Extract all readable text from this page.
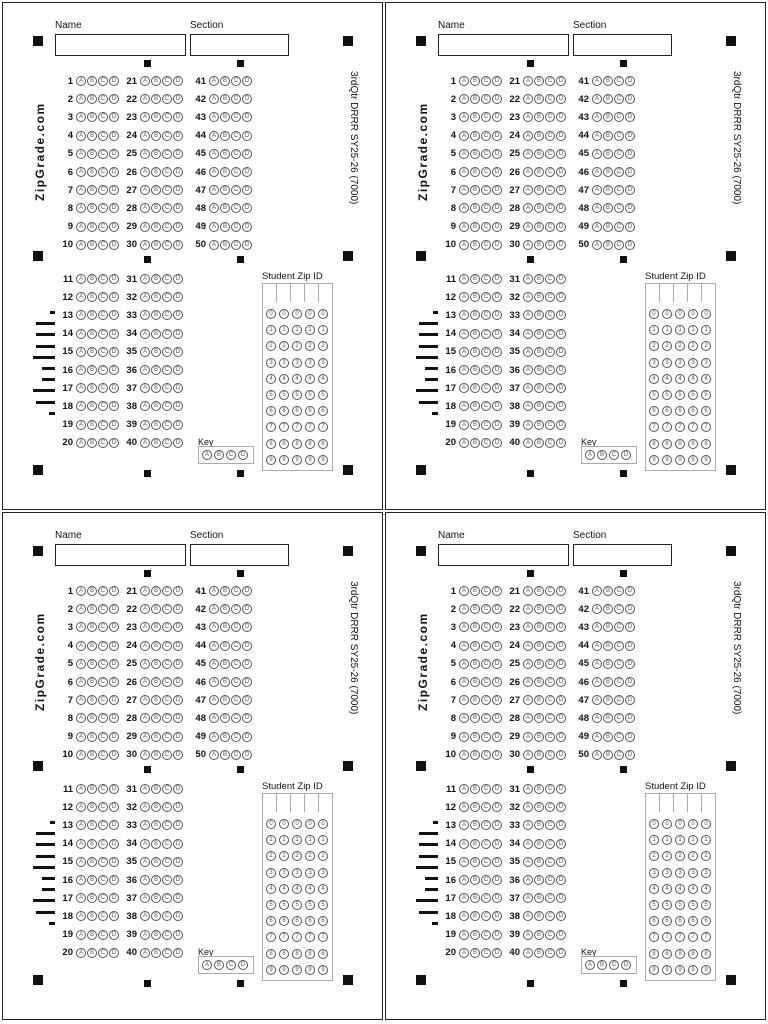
Name	Section
ZipGrade.com	3rdQtr DRRR SY25-26 (7000)
1 A	B	C	D
2 A	B	C	D
3 A	B	C	D
4 A	B	C	D
5 A	B	C	D
6 A	B	C	D
7 A	B	C	D
8 A	B	C	D
9 A	B	C	D
10 A	B	C	D
21 A	B	C	D
22 A	B	C	D
23 A	B	C	D
24 A	B	C	D
25 A	B	C	D
26 A	B	C	D
27 A	B	C	D
28 A	B	C	D
29 A	B	C	D
30 A	B	C	D
41 A	B	C	D
42 A	B	C	D
43 A	B	C	D
44 A	B	C	D
45 A	B	C	D
46 A	B	C	D
47 A	B	C	D
48 A	B	C	D
49 A	B	C	D
50 A	B	C	D
11 A	B	C	D
12 A	B	C	D
13 A	B	C	D
14 A	B	C	D
15 A	B	C	D
16 A	B	C	D
17 A	B	C	D
18 A	B	C	D
19 A	B	C	D
20 A	B	C	D
31 A	B	C	D
32 A	B	C	D
33 A	B	C	D
34 A	B	C	D
35 A	B	C	D
36 A	B	C	D
37 A	B	C	D
38 A	B	C	D
39 A	B	C	D
40 A	B	C	D
Student Zip ID
0	0	0	0	0
1	1	1	1	1
2	2	2	2	2
3	3	3	3	3
4	4	4	4	4
5	5	5	5	5
6	6	6	6	6
7	7	7	7	7
8	8	8	8	8
9	9	9	9	9
Key
A	B	C	D
Name	Section
ZipGrade.com	3rdQtr DRRR SY25-26 (7000)
1 A	B	C	D
2 A	B	C	D
3 A	B	C	D
4 A	B	C	D
5 A	B	C	D
6 A	B	C	D
7 A	B	C	D
8 A	B	C	D
9 A	B	C	D
10 A	B	C	D
21 A	B	C	D
22 A	B	C	D
23 A	B	C	D
24 A	B	C	D
25 A	B	C	D
26 A	B	C	D
27 A	B	C	D
28 A	B	C	D
29 A	B	C	D
30 A	B	C	D
41 A	B	C	D
42 A	B	C	D
43 A	B	C	D
44 A	B	C	D
45 A	B	C	D
46 A	B	C	D
47 A	B	C	D
48 A	B	C	D
49 A	B	C	D
50 A	B	C	D
11 A	B	C	D
12 A	B	C	D
13 A	B	C	D
14 A	B	C	D
15 A	B	C	D
16 A	B	C	D
17 A	B	C	D
18 A	B	C	D
19 A	B	C	D
20 A	B	C	D
31 A	B	C	D
32 A	B	C	D
33 A	B	C	D
34 A	B	C	D
35 A	B	C	D
36 A	B	C	D
37 A	B	C	D
38 A	B	C	D
39 A	B	C	D
40 A	B	C	D
Student Zip ID
0	0	0	0	0
1	1	1	1	1
2	2	2	2	2
3	3	3	3	3
4	4	4	4	4
5	5	5	5	5
6	6	6	6	6
7	7	7	7	7
8	8	8	8	8
9	9	9	9	9
Key
A	B	C	D
Name	Section
ZipGrade.com	3rdQtr DRRR SY25-26 (7000)
1 A	B	C	D
2 A	B	C	D
3 A	B	C	D
4 A	B	C	D
5 A	B	C	D
6 A	B	C	D
7 A	B	C	D
8 A	B	C	D
9 A	B	C	D
10 A	B	C	D
21 A	B	C	D
22 A	B	C	D
23 A	B	C	D
24 A	B	C	D
25 A	B	C	D
26 A	B	C	D
27 A	B	C	D
28 A	B	C	D
29 A	B	C	D
30 A	B	C	D
41 A	B	C	D
42 A	B	C	D
43 A	B	C	D
44 A	B	C	D
45 A	B	C	D
46 A	B	C	D
47 A	B	C	D
48 A	B	C	D
49 A	B	C	D
50 A	B	C	D
11 A	B	C	D
12 A	B	C	D
13 A	B	C	D
14 A	B	C	D
15 A	B	C	D
16 A	B	C	D
17 A	B	C	D
18 A	B	C	D
19 A	B	C	D
20 A	B	C	D
31 A	B	C	D
32 A	B	C	D
33 A	B	C	D
34 A	B	C	D
35 A	B	C	D
36 A	B	C	D
37 A	B	C	D
38 A	B	C	D
39 A	B	C	D
40 A	B	C	D
Student Zip ID
0	0	0	0	0
1	1	1	1	1
2	2	2	2	2
3	3	3	3	3
4	4	4	4	4
5	5	5	5	5
6	6	6	6	6
7	7	7	7	7
8	8	8	8	8
9	9	9	9	9
Key
A	B	C	D
Name	Section
ZipGrade.com	3rdQtr DRRR SY25-26 (7000)
1 A	B	C	D
2 A	B	C	D
3 A	B	C	D
4 A	B	C	D
5 A	B	C	D
6 A	B	C	D
7 A	B	C	D
8 A	B	C	D
9 A	B	C	D
10 A	B	C	D
21 A	B	C	D
22 A	B	C	D
23 A	B	C	D
24 A	B	C	D
25 A	B	C	D
26 A	B	C	D
27 A	B	C	D
28 A	B	C	D
29 A	B	C	D
30 A	B	C	D
41 A	B	C	D
42 A	B	C	D
43 A	B	C	D
44 A	B	C	D
45 A	B	C	D
46 A	B	C	D
47 A	B	C	D
48 A	B	C	D
49 A	B	C	D
50 A	B	C	D
11 A	B	C	D
12 A	B	C	D
13 A	B	C	D
14 A	B	C	D
15 A	B	C	D
16 A	B	C	D
17 A	B	C	D
18 A	B	C	D
19 A	B	C	D
20 A	B	C	D
31 A	B	C	D
32 A	B	C	D
33 A	B	C	D
34 A	B	C	D
35 A	B	C	D
36 A	B	C	D
37 A	B	C	D
38 A	B	C	D
39 A	B	C	D
40 A	B	C	D
Student Zip ID
0	0	0	0	0
1	1	1	1	1
2	2	2	2	2
3	3	3	3	3
4	4	4	4	4
5	5	5	5	5
6	6	6	6	6
7	7	7	7	7
8	8	8	8	8
9	9	9	9	9
Key
A	B	C	D
